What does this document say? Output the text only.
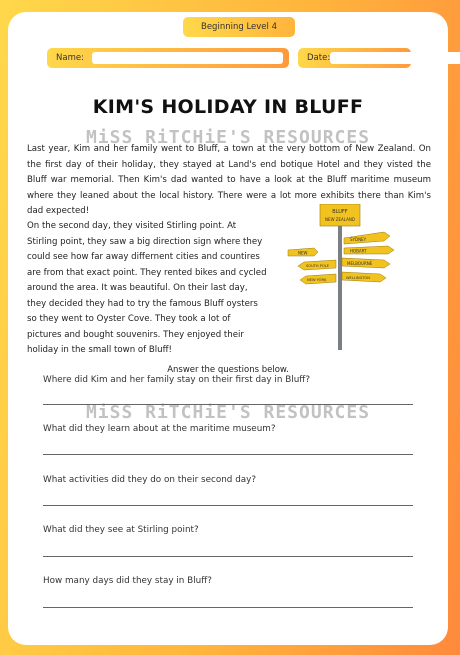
Beginning Level 4
Name:	Date:
KIM'S HOLIDAY IN BLUFF
MiSS RiTCHiE'S RESOURCES

Last year, Kim and her family went to Bluff, a town at the very bottom of New Zealand. On the first day of their holiday, they stayed at Land's end botique Hotel and they visted the Bluff war memorial. Then Kim's dad wanted to have a look at the Bluff maritime museum where they leaned about the local history. There were a lot more exhibits there than Kim's dad expected!

On the second day, they visited Stirling point. At Stirling point, they saw a big direction sign where they could see how far away differnent cities and countires are from that exact point. They rented bikes and cycled around the area. It was beautiful. On their last day, they decided they had to try the famous Bluff oysters so they went to Oyster Cove. They took a lot of pictures and bought souvenirs. They enjoyed their holiday in the small town of Bluff!

BLUFF
NEW ZEALAND
NEW
SYDNEY
HOBART
MELBOURNE
SOUTH POLE
WELLINGTON
NEW YORK
Answer the questions below.
MiSS RiTCHiE'S RESOURCES
Where did Kim and her family stay on their first day in Bluff?
What did they learn about at the maritime museum?
What activities did they do on their second day?
What did they see at Stirling point?
How many days did they stay in Bluff?
